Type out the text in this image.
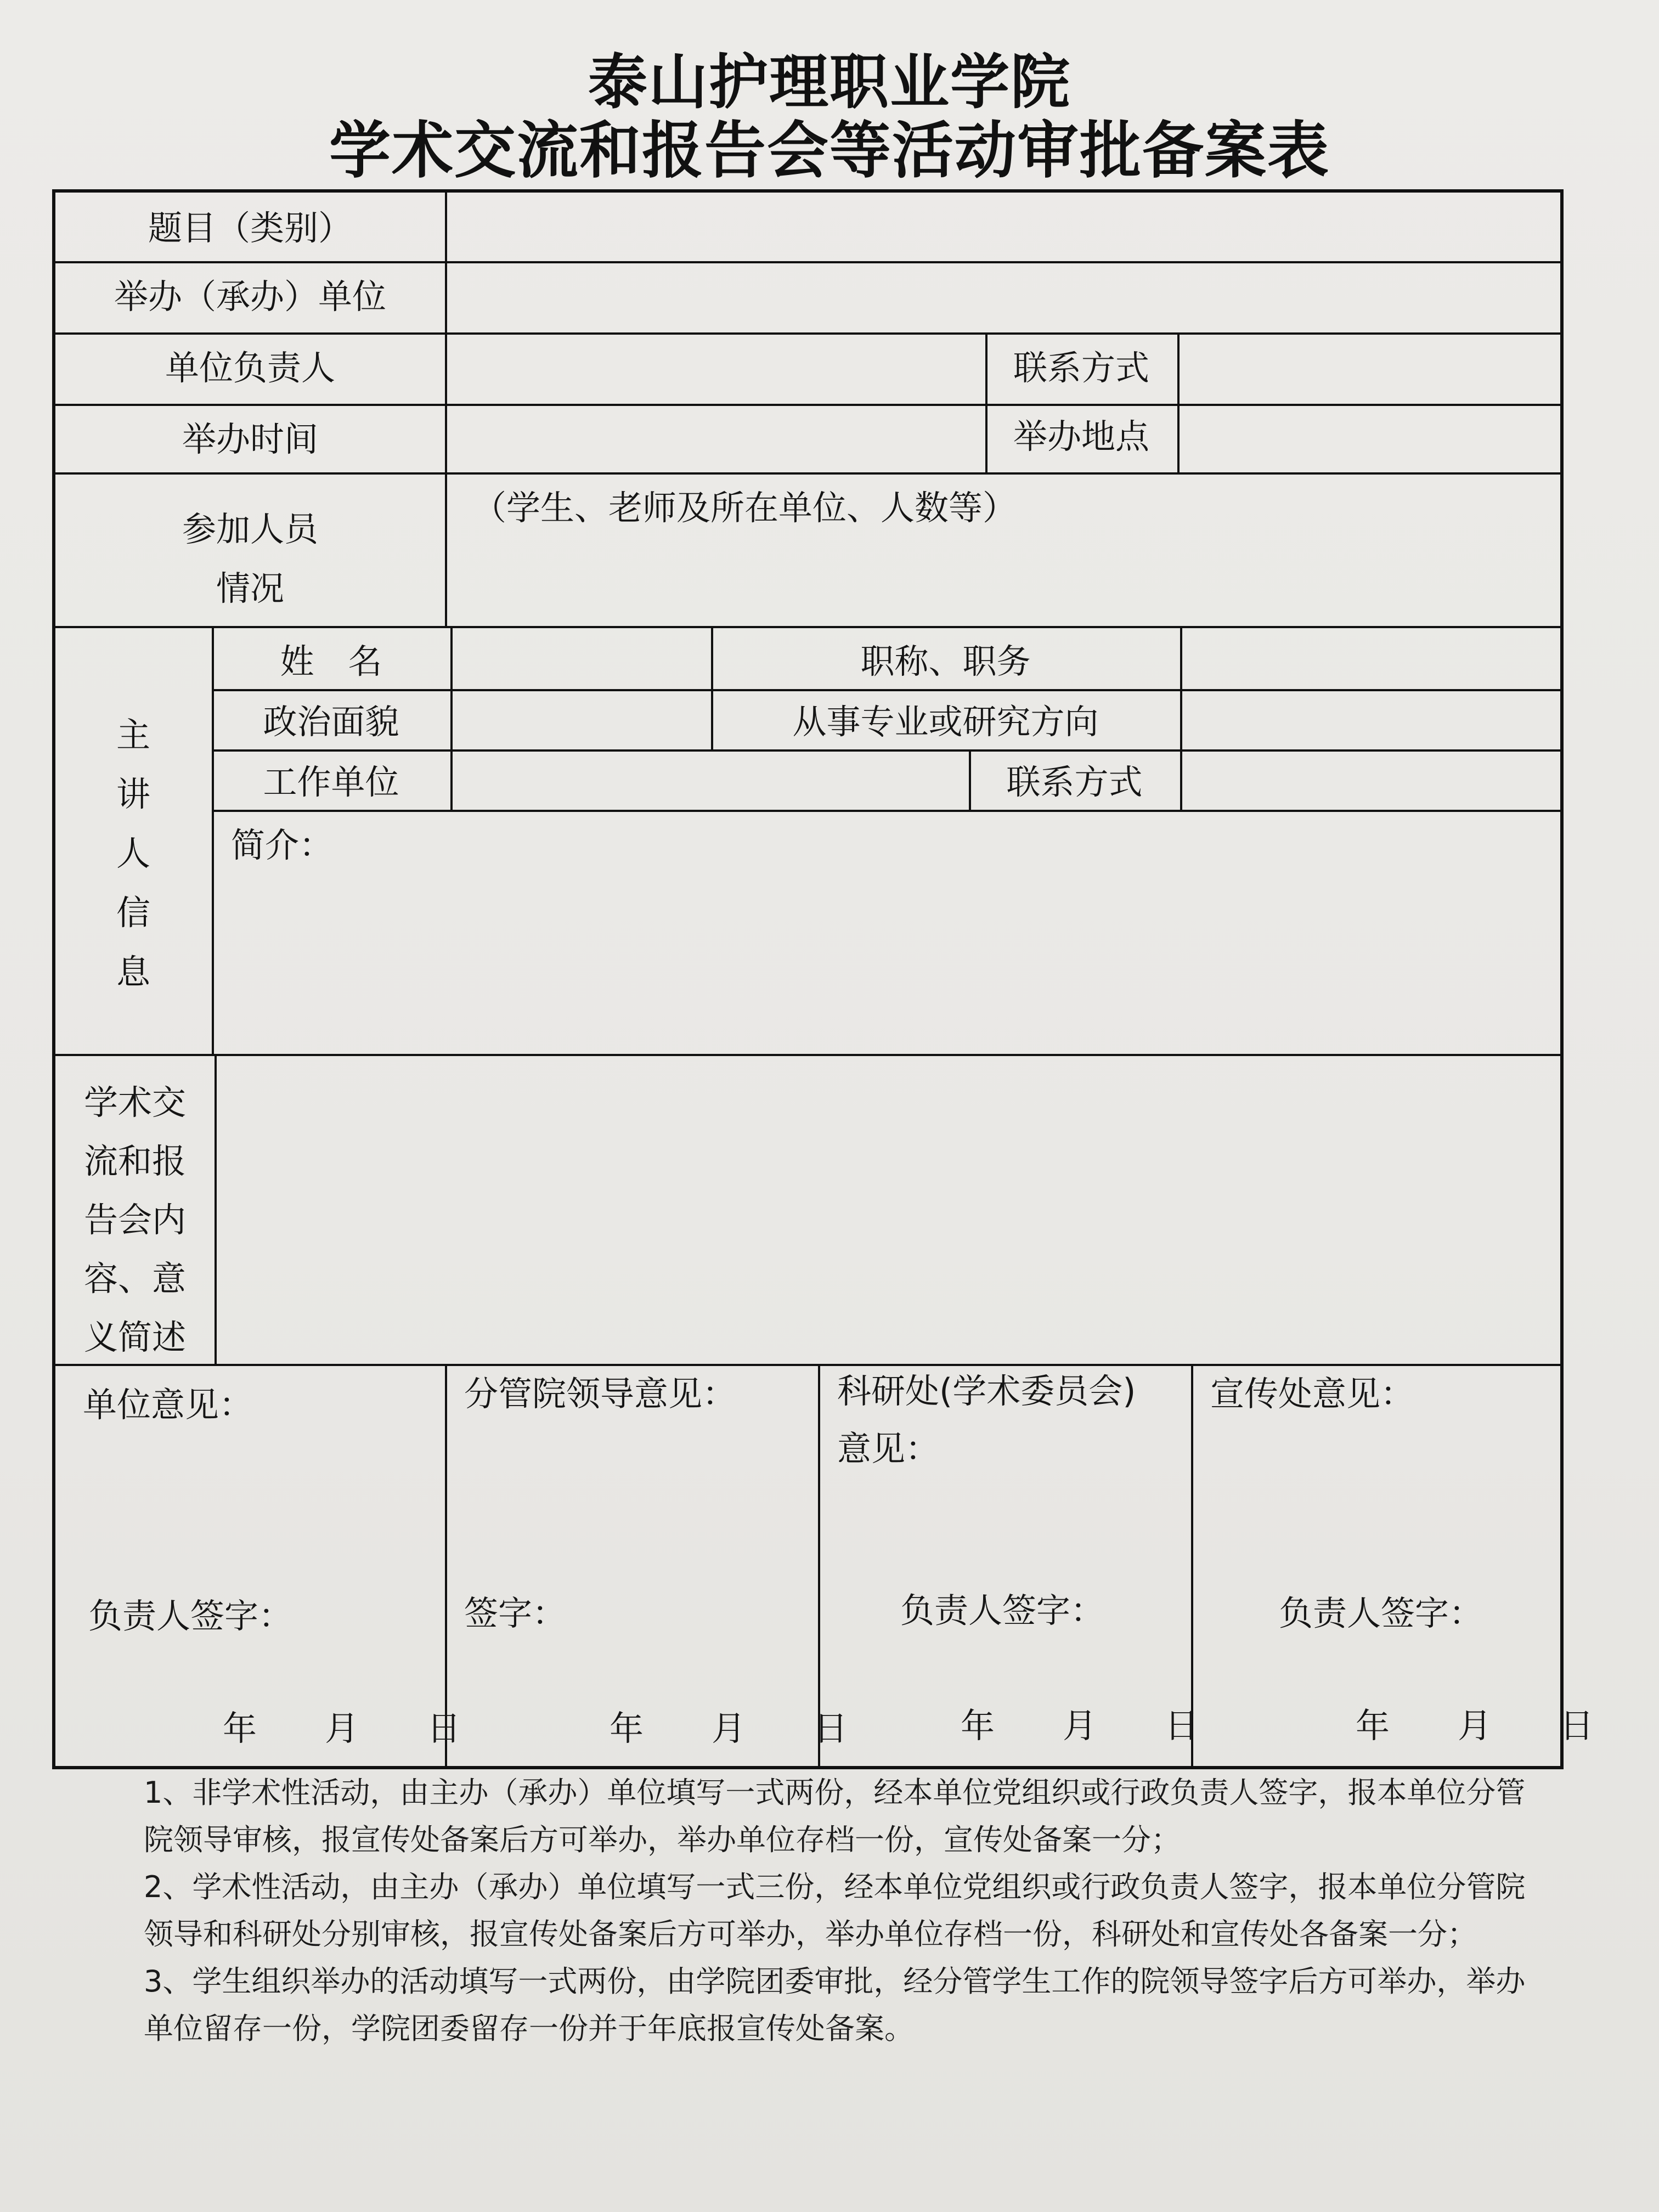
泰山护理职业学院
学术交流和报告会等活动审批备案表
题目（类别）
举办（承办）单位
单位负责人	联系方式
举办时间	举办地点
参加人员
情况
（学生、老师及所在单位、人数等）
主
讲
人
信
息
姓　名	职称、职务
政治面貌	从事专业或研究方向
工作单位	联系方式
简介：
学术交
流和报
告会内
容、意
义简述
单位意见：
负责人签字：
年　　月　　日
分管院领导意见：
签字：
年　　月　　日
科研处(学术委员会)
意见：
负责人签字：
年　　月　　日
宣传处意见：
负责人签字：
年　　月　　日

1、非学术性活动，由主办（承办）单位填写一式两份，经本单位党组织或行政负责人签字，报本单位分管院领导审核，报宣传处备案后方可举办，举办单位存档一份，宣传处备案一分；

2、学术性活动，由主办（承办）单位填写一式三份，经本单位党组织或行政负责人签字，报本单位分管院领导和科研处分别审核，报宣传处备案后方可举办，举办单位存档一份，科研处和宣传处各备案一分；

3、学生组织举办的活动填写一式两份，由学院团委审批，经分管学生工作的院领导签字后方可举办，举办单位留存一份，学院团委留存一份并于年底报宣传处备案。
